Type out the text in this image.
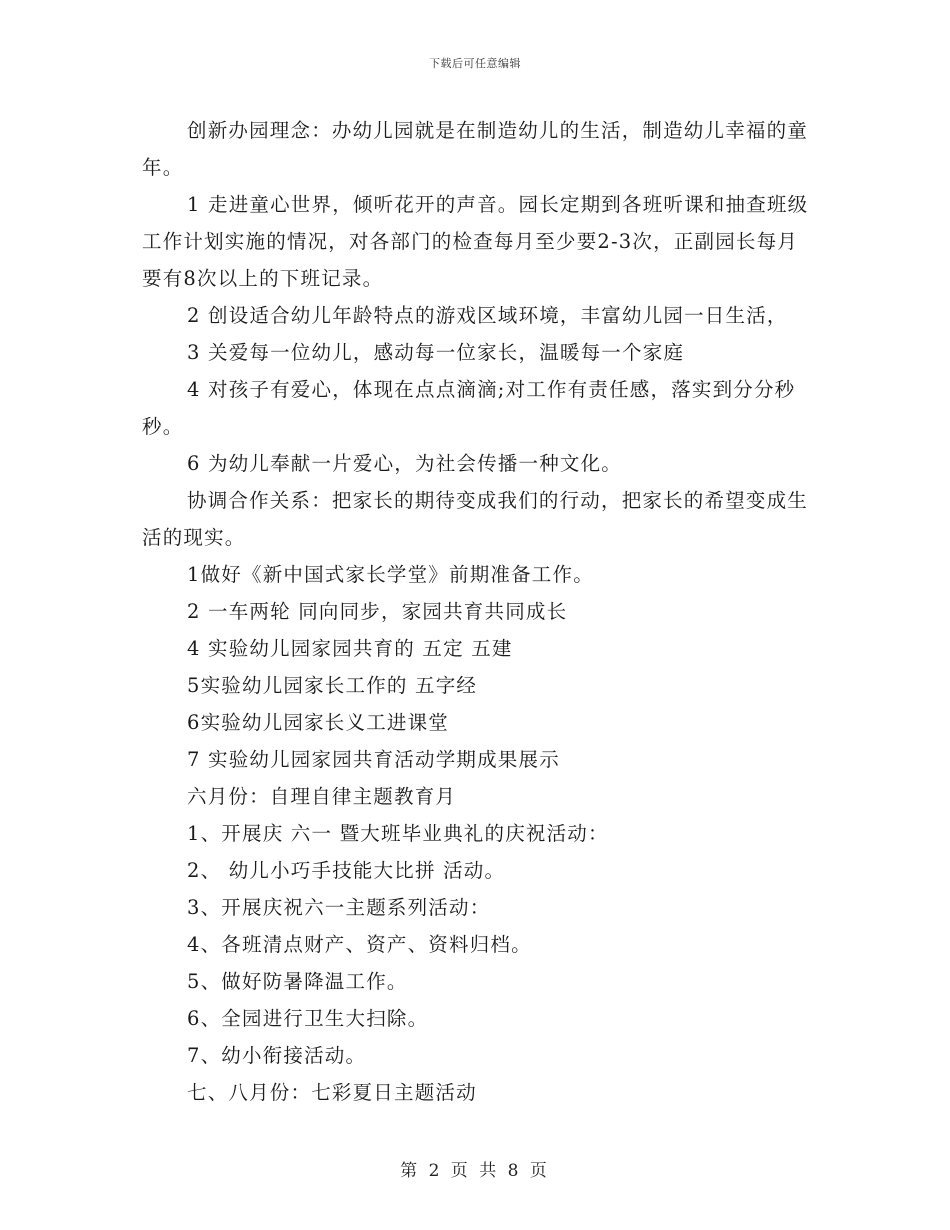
下载后可任意编辑

创新办园理念：办幼儿园就是在制造幼儿的生活，制造幼儿幸福的童年。

1 走进童心世界，倾听花开的声音。园长定期到各班听课和抽查班级工作计划实施的情况，对各部门的检查每月至少要2-3次，正副园长每月要有8次以上的下班记录。

2 创设适合幼儿年龄特点的游戏区域环境，丰富幼儿园一日生活，

3 关爱每一位幼儿，感动每一位家长，温暖每一个家庭

4 对孩子有爱心，体现在点点滴滴;对工作有责任感，落实到分分秒秒。

6 为幼儿奉献一片爱心，为社会传播一种文化。

协调合作关系：把家长的期待变成我们的行动，把家长的希望变成生活的现实。

1做好《新中国式家长学堂》前期准备工作。

2 一车两轮 同向同步，家园共育共同成长

4 实验幼儿园家园共育的 五定 五建

5实验幼儿园家长工作的 五字经

6实验幼儿园家长义工进课堂

7 实验幼儿园家园共育活动学期成果展示

六月份：自理自律主题教育月

1、开展庆 六一 暨大班毕业典礼的庆祝活动：

2、 幼儿小巧手技能大比拼 活动。

3、开展庆祝六一主题系列活动：

4、各班清点财产、资产、资料归档。

5、做好防暑降温工作。

6、全园进行卫生大扫除。

7、幼小衔接活动。

七、八月份：七彩夏日主题活动

第 2 页 共 8 页
